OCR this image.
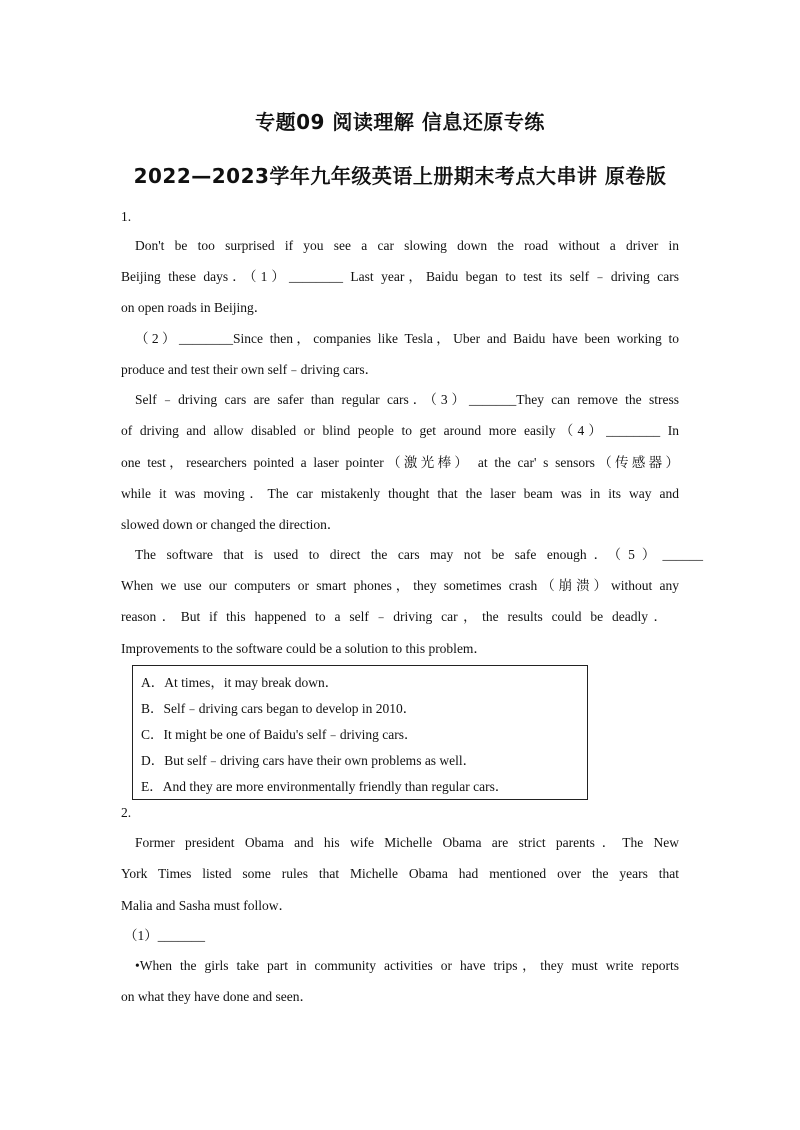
专题09 阅读理解 信息还原专练
2022—2023学年九年级英语上册期末考点大串讲 原卷版
1.
Don't be too surprised if you see a car slowing down the road without a driver in
Beijing these days．（1）________ Last year，Baidu began to test its self﹣driving cars
on open roads in Beijing．
（2）________Since then，companies like Tesla，Uber and Baidu have been working to
produce and test their own self﹣driving cars．
Self﹣driving cars are safer than regular cars．（3）_______They can remove the stress
of driving and allow disabled or blind people to get around more easily（4）________ In
one test，researchers pointed a laser pointer（激光棒） at the car' s sensors（传感器）
while it was moving．The car mistakenly thought that the laser beam was in its way and
slowed down or changed the direction．
The software that is used to direct the cars may not be safe enough．（5）______
When we use our computers or smart phones，they sometimes crash（崩溃）without any
reason．But if this happened to a self﹣driving car，the results could be deadly．
Improvements to the software could be a solution to this problem．
A．At times，it may break down．
B．Self﹣driving cars began to develop in 2010．
C．It might be one of Baidu's self﹣driving cars．
D．But self﹣driving cars have their own problems as well．
E．And they are more environmentally friendly than regular cars．
2.
Former president Obama and his wife Michelle Obama are strict parents．The New
York Times listed some rules that Michelle Obama had mentioned over the years that
Malia and Sasha must follow．
（1）_______
•When the girls take part in community activities or have trips，they must write reports
on what they have done and seen．
